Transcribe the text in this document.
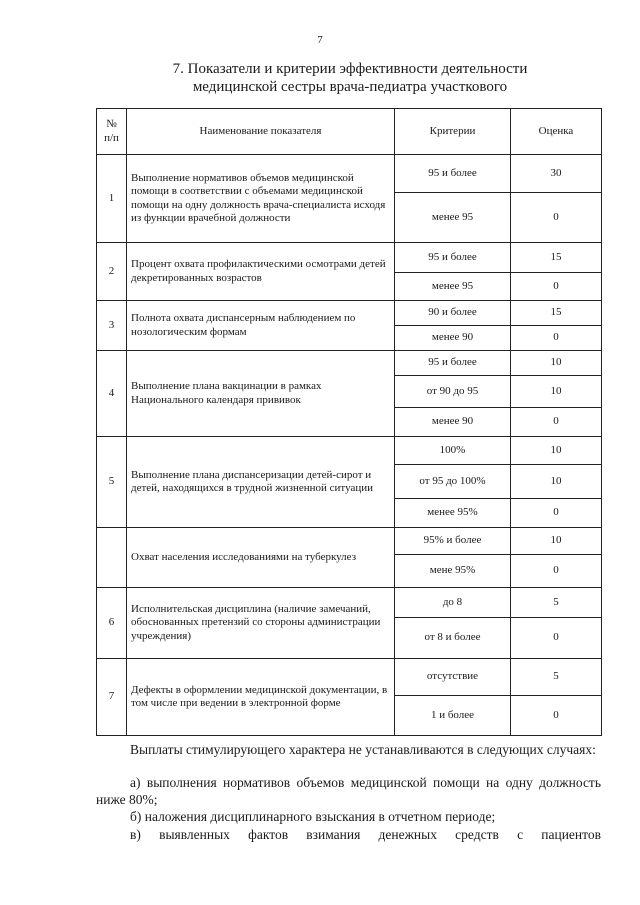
7
7. Показатели и критерии эффективности деятельности
медицинской сестры врача-педиатра участкового
№ п/п	Наименование показателя	Критерии	Оценка
1	Выполнение нормативов объемов медицинской помощи в соответствии с объемами медицинской помощи на одну должность врача-специалиста исходя из функции врачебной должности	95 и более	30
		менее 95	0
2	Процент охвата профилактическими осмотрами детей декретированных возрастов	95 и более	15
		менее 95	0
3	Полнота охвата диспансерным наблюдением по нозологическим формам	90 и более	15
		менее 90	0
4	Выполнение плана вакцинации в рамках Национального календаря прививок	95 и более	10
		от 90 до 95	10
		менее 90	0
5	Выполнение плана диспансеризации детей-сирот и детей, находящихся в трудной жизненной ситуации	100%	10
		от 95 до 100%	10
		менее 95%	0
	Охват населения исследованиями на туберкулез	95% и более	10
		мене 95%	0
6	Исполнительская дисциплина (наличие замечаний, обоснованных претензий со стороны администрации учреждения)	до 8	5
		от 8 и более	0
7	Дефекты в оформлении медицинской документации, в том числе при ведении в электронной форме	отсутствие	5
		1 и более	0
Выплаты стимулирующего характера не устанавливаются в следующих случаях:
а) выполнения нормативов объемов медицинской помощи на одну должность ниже 80%;
б) наложения дисциплинарного взыскания в отчетном периоде;
в) выявленных фактов взимания денежных средств с пациентов
